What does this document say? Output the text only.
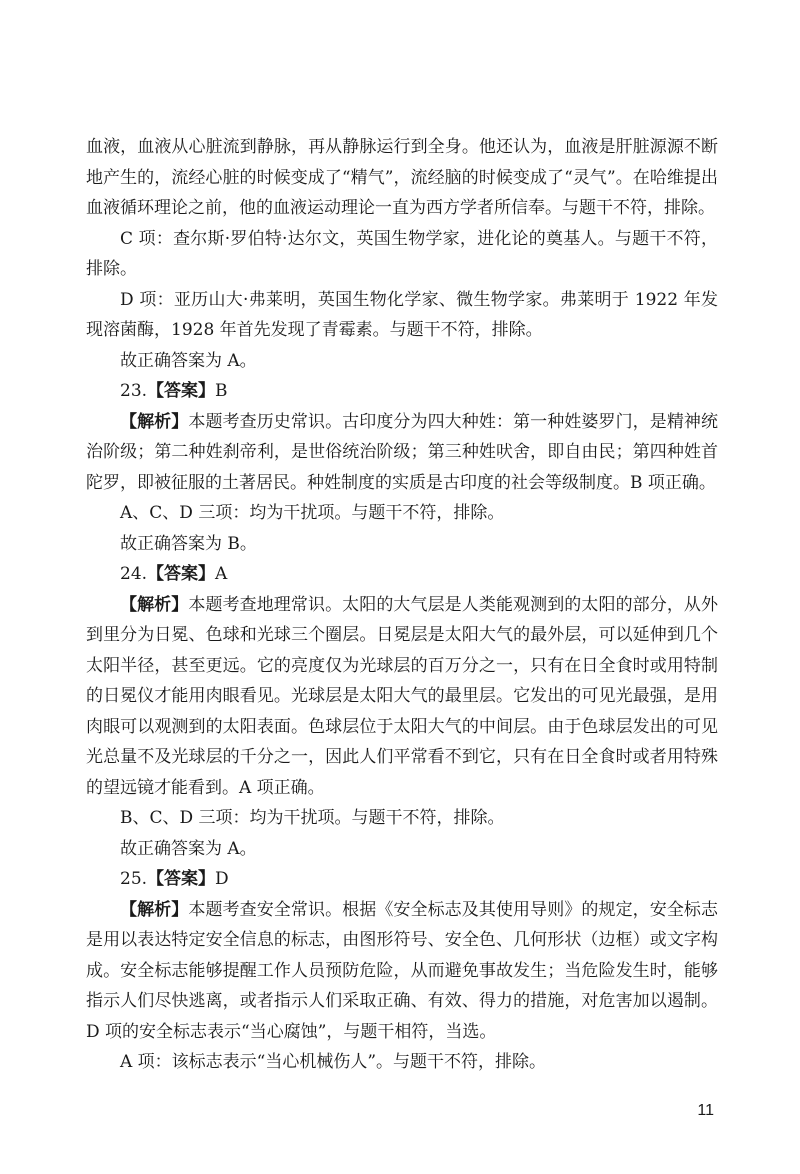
血液，血液从心脏流到静脉，再从静脉运行到全身。他还认为，血液是肝脏源源不断地产生的，流经心脏的时候变成了“精气”，流经脑的时候变成了“灵气”。在哈维提出血液循环理论之前，他的血液运动理论一直为西方学者所信奉。与题干不符，排除。

C 项：查尔斯·罗伯特·达尔文，英国生物学家，进化论的奠基人。与题干不符，排除。

D 项：亚历山大·弗莱明，英国生物化学家、微生物学家。弗莱明于 1922 年发现溶菌酶，1928 年首先发现了青霉素。与题干不符，排除。

故正确答案为 A。

23.【答案】B

【解析】本题考查历史常识。古印度分为四大种姓：第一种姓婆罗门，是精神统治阶级；第二种姓刹帝利，是世俗统治阶级；第三种姓吠舍，即自由民；第四种姓首陀罗，即被征服的土著居民。种姓制度的实质是古印度的社会等级制度。B 项正确。

A、C、D 三项：均为干扰项。与题干不符，排除。

故正确答案为 B。

24.【答案】A

【解析】本题考查地理常识。太阳的大气层是人类能观测到的太阳的部分，从外到里分为日冕、色球和光球三个圈层。日冕层是太阳大气的最外层，可以延伸到几个太阳半径，甚至更远。它的亮度仅为光球层的百万分之一，只有在日全食时或用特制的日冕仪才能用肉眼看见。光球层是太阳大气的最里层。它发出的可见光最强，是用肉眼可以观测到的太阳表面。色球层位于太阳大气的中间层。由于色球层发出的可见光总量不及光球层的千分之一，因此人们平常看不到它，只有在日全食时或者用特殊的望远镜才能看到。A 项正确。

B、C、D 三项：均为干扰项。与题干不符，排除。

故正确答案为 A。

25.【答案】D

【解析】本题考查安全常识。根据《安全标志及其使用导则》的规定，安全标志是用以表达特定安全信息的标志，由图形符号、安全色、几何形状（边框）或文字构成。安全标志能够提醒工作人员预防危险，从而避免事故发生；当危险发生时，能够指示人们尽快逃离，或者指示人们采取正确、有效、得力的措施，对危害加以遏制。D 项的安全标志表示“当心腐蚀”，与题干相符，当选。

A 项：该标志表示“当心机械伤人”。与题干不符，排除。

11
